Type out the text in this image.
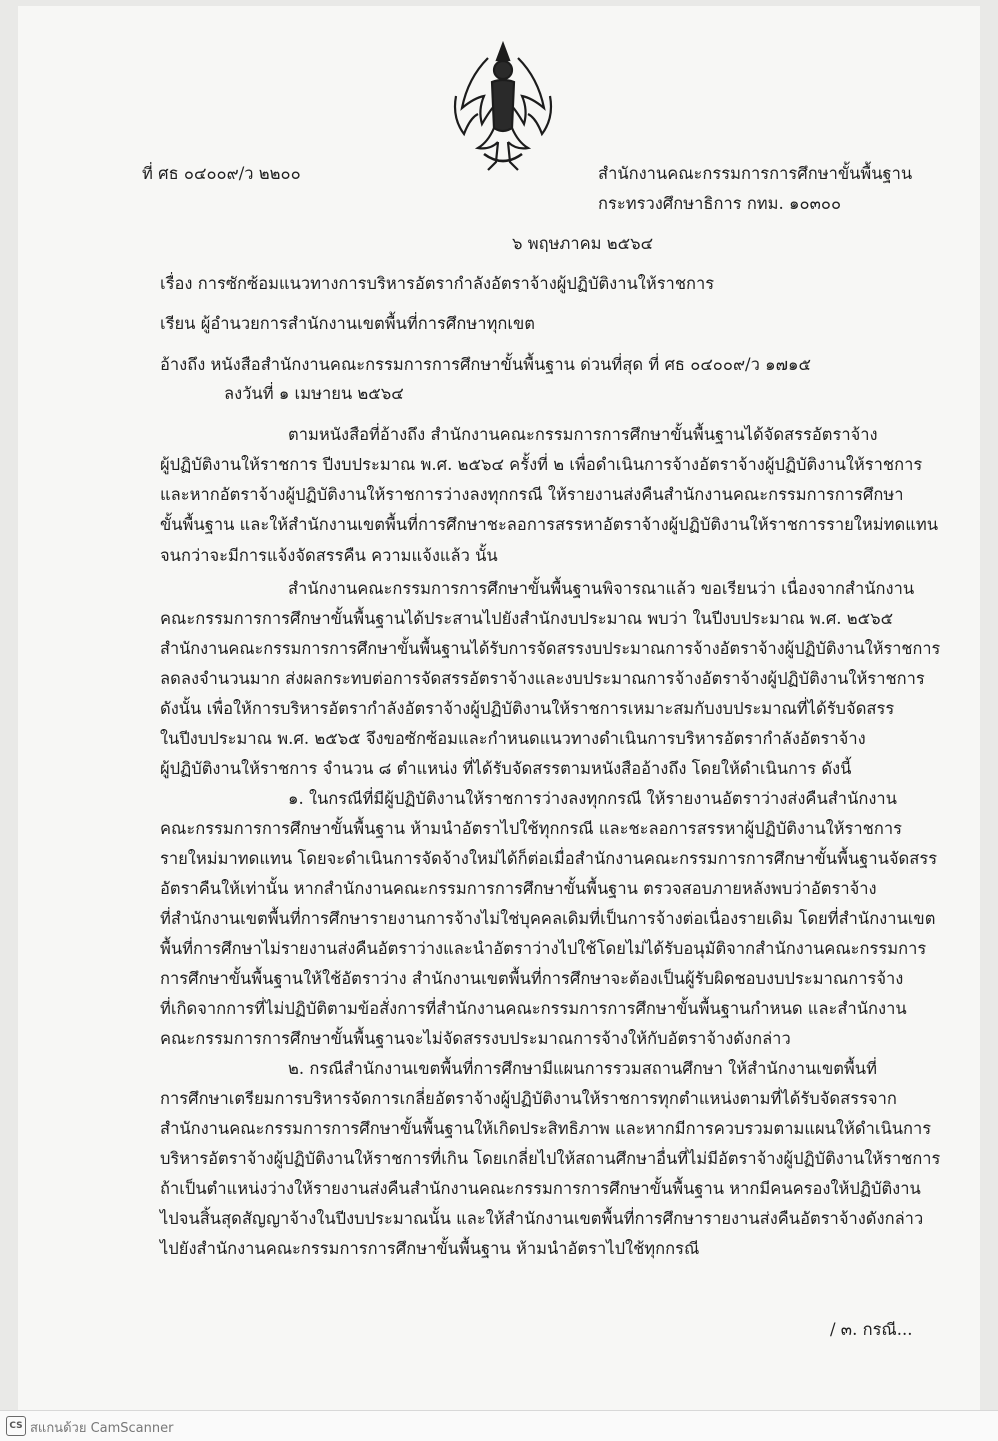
ที่ ศธ ๐๔๐๐๙/ว ๒๒๐๐	สำนักงานคณะกรรมการการศึกษาขั้นพื้นฐาน
กระทรวงศึกษาธิการ กทม. ๑๐๓๐๐
๖ พฤษภาคม ๒๕๖๔
เรื่อง การซักซ้อมแนวทางการบริหารอัตรากำลังอัตราจ้างผู้ปฏิบัติงานให้ราชการ
เรียน ผู้อำนวยการสำนักงานเขตพื้นที่การศึกษาทุกเขต
อ้างถึง หนังสือสำนักงานคณะกรรมการการศึกษาขั้นพื้นฐาน ด่วนที่สุด ที่ ศธ ๐๔๐๐๙/ว ๑๗๑๕
ลงวันที่ ๑ เมษายน ๒๕๖๔
ตามหนังสือที่อ้างถึง สำนักงานคณะกรรมการการศึกษาขั้นพื้นฐานได้จัดสรรอัตราจ้าง
ผู้ปฏิบัติงานให้ราชการ ปีงบประมาณ พ.ศ. ๒๕๖๔ ครั้งที่ ๒ เพื่อดำเนินการจ้างอัตราจ้างผู้ปฏิบัติงานให้ราชการ
และหากอัตราจ้างผู้ปฏิบัติงานให้ราชการว่างลงทุกกรณี ให้รายงานส่งคืนสำนักงานคณะกรรมการการศึกษา
ขั้นพื้นฐาน และให้สำนักงานเขตพื้นที่การศึกษาชะลอการสรรหาอัตราจ้างผู้ปฏิบัติงานให้ราชการรายใหม่ทดแทน
จนกว่าจะมีการแจ้งจัดสรรคืน ความแจ้งแล้ว นั้น
สำนักงานคณะกรรมการการศึกษาขั้นพื้นฐานพิจารณาแล้ว ขอเรียนว่า เนื่องจากสำนักงาน
คณะกรรมการการศึกษาขั้นพื้นฐานได้ประสานไปยังสำนักงบประมาณ พบว่า ในปีงบประมาณ พ.ศ. ๒๕๖๕
สำนักงานคณะกรรมการการศึกษาขั้นพื้นฐานได้รับการจัดสรรงบประมาณการจ้างอัตราจ้างผู้ปฏิบัติงานให้ราชการ
ลดลงจำนวนมาก ส่งผลกระทบต่อการจัดสรรอัตราจ้างและงบประมาณการจ้างอัตราจ้างผู้ปฏิบัติงานให้ราชการ
ดังนั้น เพื่อให้การบริหารอัตรากำลังอัตราจ้างผู้ปฏิบัติงานให้ราชการเหมาะสมกับงบประมาณที่ได้รับจัดสรร
ในปีงบประมาณ พ.ศ. ๒๕๖๕ จึงขอซักซ้อมและกำหนดแนวทางดำเนินการบริหารอัตรากำลังอัตราจ้าง
ผู้ปฏิบัติงานให้ราชการ จำนวน ๘ ตำแหน่ง ที่ได้รับจัดสรรตามหนังสืออ้างถึง โดยให้ดำเนินการ ดังนี้
๑. ในกรณีที่มีผู้ปฏิบัติงานให้ราชการว่างลงทุกกรณี ให้รายงานอัตราว่างส่งคืนสำนักงาน
คณะกรรมการการศึกษาขั้นพื้นฐาน ห้ามนำอัตราไปใช้ทุกกรณี และชะลอการสรรหาผู้ปฏิบัติงานให้ราชการ
รายใหม่มาทดแทน โดยจะดำเนินการจัดจ้างใหม่ได้ก็ต่อเมื่อสำนักงานคณะกรรมการการศึกษาขั้นพื้นฐานจัดสรร
อัตราคืนให้เท่านั้น หากสำนักงานคณะกรรมการการศึกษาขั้นพื้นฐาน ตรวจสอบภายหลังพบว่าอัตราจ้าง
ที่สำนักงานเขตพื้นที่การศึกษารายงานการจ้างไม่ใช่บุคคลเดิมที่เป็นการจ้างต่อเนื่องรายเดิม โดยที่สำนักงานเขต
พื้นที่การศึกษาไม่รายงานส่งคืนอัตราว่างและนำอัตราว่างไปใช้โดยไม่ได้รับอนุมัติจากสำนักงานคณะกรรมการ
การศึกษาขั้นพื้นฐานให้ใช้อัตราว่าง สำนักงานเขตพื้นที่การศึกษาจะต้องเป็นผู้รับผิดชอบงบประมาณการจ้าง
ที่เกิดจากการที่ไม่ปฏิบัติตามข้อสั่งการที่สำนักงานคณะกรรมการการศึกษาขั้นพื้นฐานกำหนด และสำนักงาน
คณะกรรมการการศึกษาขั้นพื้นฐานจะไม่จัดสรรงบประมาณการจ้างให้กับอัตราจ้างดังกล่าว
๒. กรณีสำนักงานเขตพื้นที่การศึกษามีแผนการรวมสถานศึกษา ให้สำนักงานเขตพื้นที่
การศึกษาเตรียมการบริหารจัดการเกลี่ยอัตราจ้างผู้ปฏิบัติงานให้ราชการทุกตำแหน่งตามที่ได้รับจัดสรรจาก
สำนักงานคณะกรรมการการศึกษาขั้นพื้นฐานให้เกิดประสิทธิภาพ และหากมีการควบรวมตามแผนให้ดำเนินการ
บริหารอัตราจ้างผู้ปฏิบัติงานให้ราชการที่เกิน โดยเกลี่ยไปให้สถานศึกษาอื่นที่ไม่มีอัตราจ้างผู้ปฏิบัติงานให้ราชการ
ถ้าเป็นตำแหน่งว่างให้รายงานส่งคืนสำนักงานคณะกรรมการการศึกษาขั้นพื้นฐาน หากมีคนครองให้ปฏิบัติงาน
ไปจนสิ้นสุดสัญญาจ้างในปีงบประมาณนั้น และให้สำนักงานเขตพื้นที่การศึกษารายงานส่งคืนอัตราจ้างดังกล่าว
ไปยังสำนักงานคณะกรรมการการศึกษาขั้นพื้นฐาน ห้ามนำอัตราไปใช้ทุกกรณี
/ ๓. กรณี...
CS สแกนด้วย CamScanner
